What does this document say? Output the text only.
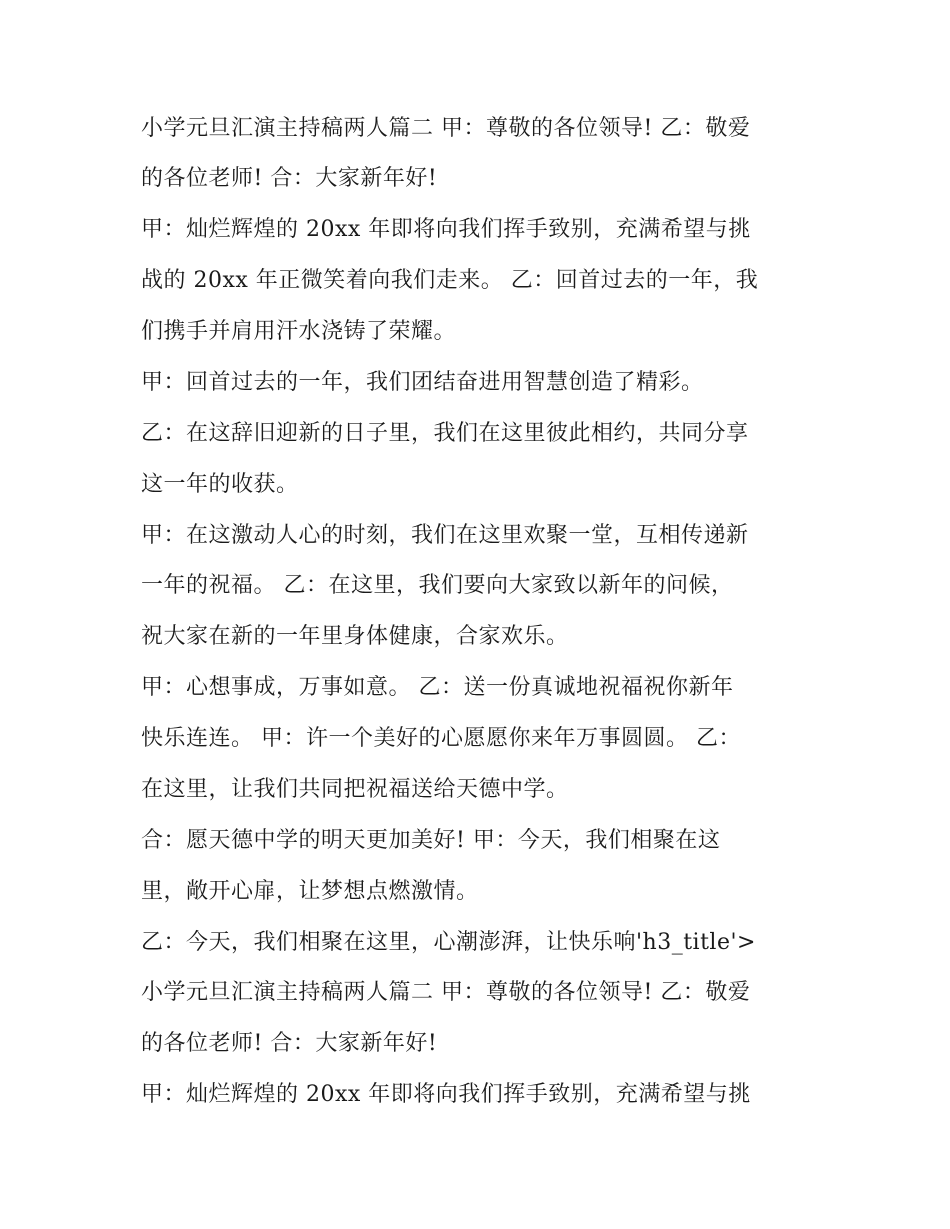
小学元旦汇演主持稿两人篇二 甲：尊敬的各位领导! 乙：敬爱

的各位老师! 合：大家新年好!

甲：灿烂辉煌的 20xx 年即将向我们挥手致别，充满希望与挑

战的 20xx 年正微笑着向我们走来。 乙：回首过去的一年，我

们携手并肩用汗水浇铸了荣耀。

甲：回首过去的一年，我们团结奋进用智慧创造了精彩。

乙：在这辞旧迎新的日子里，我们在这里彼此相约，共同分享

这一年的收获。

甲：在这激动人心的时刻，我们在这里欢聚一堂，互相传递新

一年的祝福。 乙：在这里，我们要向大家致以新年的问候，

祝大家在新的一年里身体健康，合家欢乐。

甲：心想事成，万事如意。 乙：送一份真诚地祝福祝你新年

快乐连连。 甲：许一个美好的心愿愿你来年万事圆圆。 乙：

在这里，让我们共同把祝福送给天德中学。

合：愿天德中学的明天更加美好! 甲：今天，我们相聚在这

里，敞开心扉，让梦想点燃激情。

乙：今天，我们相聚在这里，心潮澎湃，让快乐响'h3_title'>

小学元旦汇演主持稿两人篇二 甲：尊敬的各位领导! 乙：敬爱

的各位老师! 合：大家新年好!

甲：灿烂辉煌的 20xx 年即将向我们挥手致别，充满希望与挑
